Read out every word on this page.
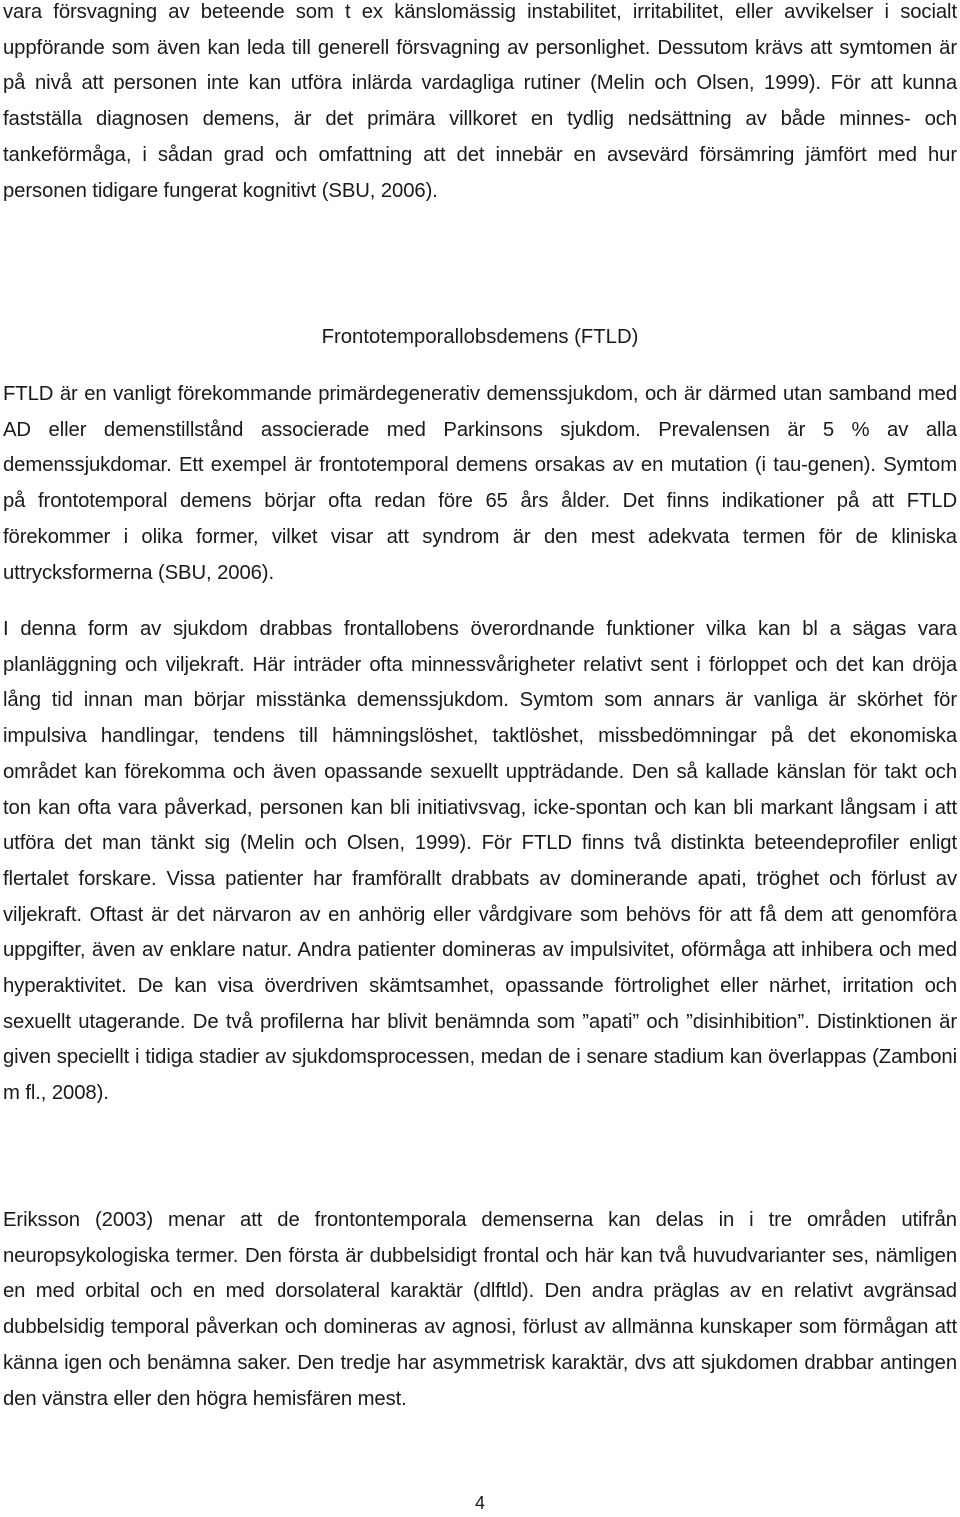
vara försvagning av beteende som t ex känslomässig instabilitet, irritabilitet, eller avvikelser i socialt uppförande som även kan leda till generell försvagning av personlighet. Dessutom krävs att symtomen är på nivå att personen inte kan utföra inlärda vardagliga rutiner (Melin och Olsen, 1999). För att kunna fastställa diagnosen demens, är det primära villkoret en tydlig nedsättning av både minnes- och tankeförmåga, i sådan grad och omfattning att det innebär en avsevärd försämring jämfört med hur personen tidigare fungerat kognitivt (SBU, 2006).

Frontotemporallobsdemens (FTLD)

FTLD är en vanligt förekommande primärdegenerativ demenssjukdom, och är därmed utan samband med AD eller demenstillstånd associerade med Parkinsons sjukdom. Prevalensen är 5 % av alla demenssjukdomar. Ett exempel är frontotemporal demens orsakas av en mutation (i tau-genen). Symtom på frontotemporal demens börjar ofta redan före 65 års ålder. Det finns indikationer på att FTLD förekommer i olika former, vilket visar att syndrom är den mest adekvata termen för de kliniska uttrycksformerna (SBU, 2006).

I denna form av sjukdom drabbas frontallobens överordnande funktioner vilka kan bl a sägas vara planläggning och viljekraft. Här inträder ofta minnessvårigheter relativt sent i förloppet och det kan dröja lång tid innan man börjar misstänka demenssjukdom. Symtom som annars är vanliga är skörhet för impulsiva handlingar, tendens till hämningslöshet, taktlöshet, missbedömningar på det ekonomiska området kan förekomma och även opassande sexuellt uppträdande. Den så kallade känslan för takt och ton kan ofta vara påverkad, personen kan bli initiativsvag, icke-spontan och kan bli markant långsam i att utföra det man tänkt sig (Melin och Olsen, 1999). För FTLD finns två distinkta beteendeprofiler enligt flertalet forskare. Vissa patienter har framförallt drabbats av dominerande apati, tröghet och förlust av viljekraft. Oftast är det närvaron av en anhörig eller vårdgivare som behövs för att få dem att genomföra uppgifter, även av enklare natur. Andra patienter domineras av impulsivitet, oförmåga att inhibera och med hyperaktivitet. De kan visa överdriven skämtsamhet, opassande förtrolighet eller närhet, irritation och sexuellt utagerande. De två profilerna har blivit benämnda som ”apati” och ”disinhibition”. Distinktionen är given speciellt i tidiga stadier av sjukdomsprocessen, medan de i senare stadium kan överlappas (Zamboni m fl., 2008).

Eriksson (2003) menar att de frontontemporala demenserna kan delas in i tre områden utifrån neuropsykologiska termer. Den första är dubbelsidigt frontal och här kan två huvudvarianter ses, nämligen en med orbital och en med dorsolateral karaktär (dlftld). Den andra präglas av en relativt avgränsad dubbelsidig temporal påverkan och domineras av agnosi, förlust av allmänna kunskaper som förmågan att känna igen och benämna saker. Den tredje har asymmetrisk karaktär, dvs att sjukdomen drabbar antingen den vänstra eller den högra hemisfären mest.

4
